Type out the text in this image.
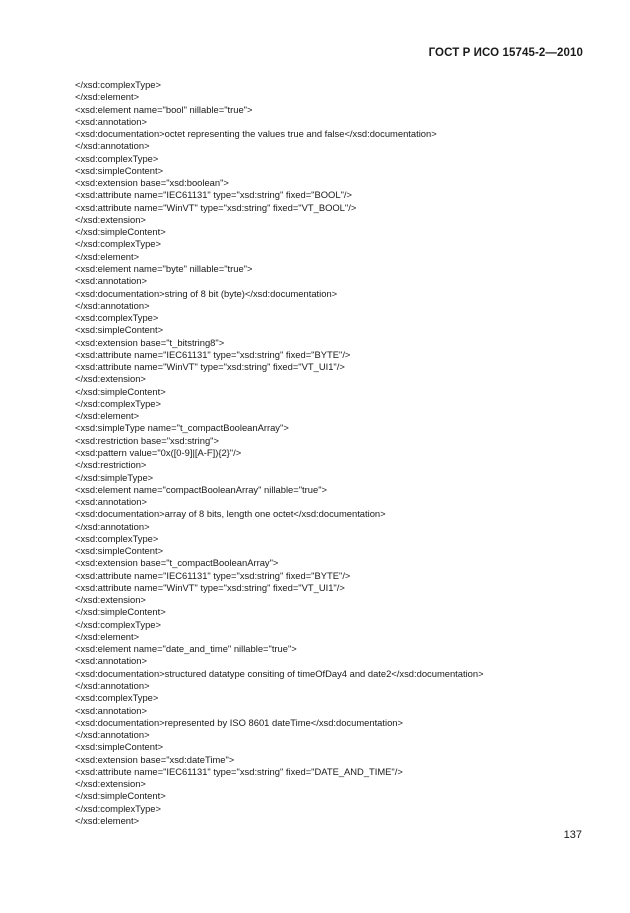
ГОСТ Р ИСО 15745-2—2010
</xsd:complexType>
</xsd:element>
<xsd:element name="bool" nillable="true">
<xsd:annotation>
<xsd:documentation>octet representing the values true and false</xsd:documentation>
</xsd:annotation>
<xsd:complexType>
<xsd:simpleContent>
<xsd:extension base="xsd:boolean">
<xsd:attribute name="IEC61131" type="xsd:string" fixed="BOOL"/>
<xsd:attribute name="WinVT" type="xsd:string" fixed="VT_BOOL"/>
</xsd:extension>
</xsd:simpleContent>
</xsd:complexType>
</xsd:element>
<xsd:element name="byte" nillable="true">
<xsd:annotation>
<xsd:documentation>string of 8 bit (byte)</xsd:documentation>
</xsd:annotation>
<xsd:complexType>
<xsd:simpleContent>
<xsd:extension base="t_bitstring8">
<xsd:attribute name="IEC61131" type="xsd:string" fixed="BYTE"/>
<xsd:attribute name="WinVT" type="xsd:string" fixed="VT_UI1"/>
</xsd:extension>
</xsd:simpleContent>
</xsd:complexType>
</xsd:element>
<xsd:simpleType name="t_compactBooleanArray">
<xsd:restriction base="xsd:string">
<xsd:pattern value="0x([0-9]|[A-F]){2}"/>
</xsd:restriction>
</xsd:simpleType>
<xsd:element name="compactBooleanArray" nillable="true">
<xsd:annotation>
<xsd:documentation>array of 8 bits, length one octet</xsd:documentation>
</xsd:annotation>
<xsd:complexType>
<xsd:simpleContent>
<xsd:extension base="t_compactBooleanArray">
<xsd:attribute name="IEC61131" type="xsd:string" fixed="BYTE"/>
<xsd:attribute name="WinVT" type="xsd:string" fixed="VT_UI1"/>
</xsd:extension>
</xsd:simpleContent>
</xsd:complexType>
</xsd:element>
<xsd:element name="date_and_time" nillable="true">
<xsd:annotation>
<xsd:documentation>structured datatype consiting of timeOfDay4 and date2</xsd:documentation>
</xsd:annotation>
<xsd:complexType>
<xsd:annotation>
<xsd:documentation>represented by ISO 8601 dateTime</xsd:documentation>
</xsd:annotation>
<xsd:simpleContent>
<xsd:extension base="xsd:dateTime">
<xsd:attribute name="IEC61131" type="xsd:string" fixed="DATE_AND_TIME"/>
</xsd:extension>
</xsd:simpleContent>
</xsd:complexType>
</xsd:element>
137
